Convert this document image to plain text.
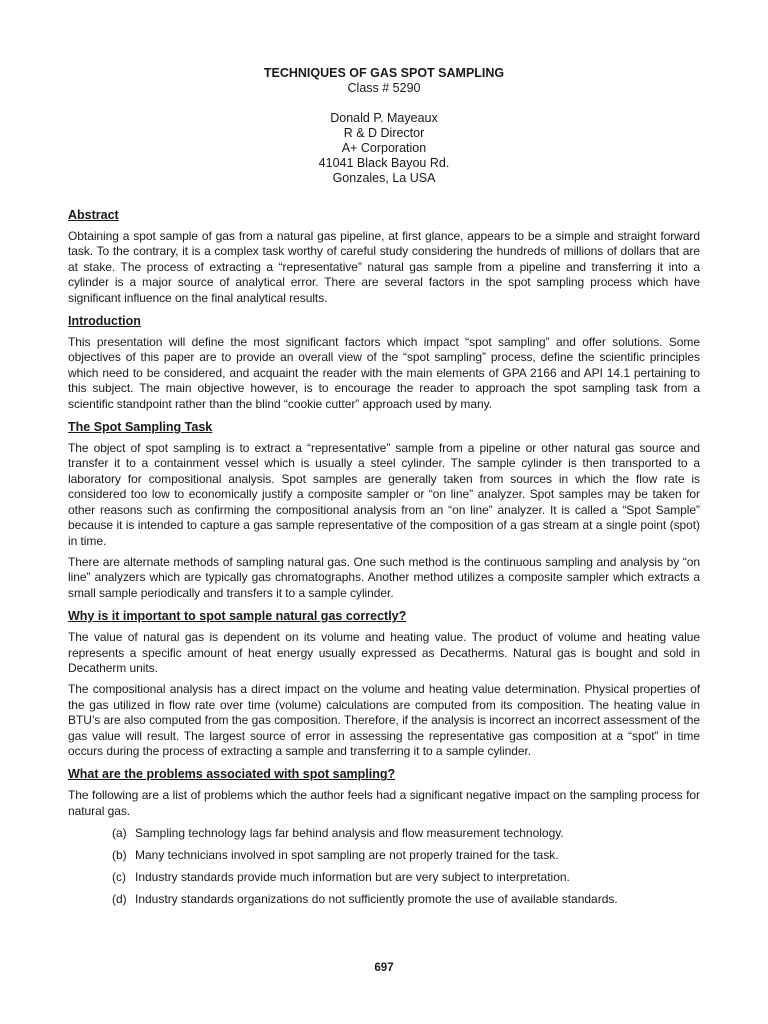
TECHNIQUES OF GAS SPOT SAMPLING
Class # 5290
Donald P. Mayeaux
R & D Director
A+ Corporation
41041 Black Bayou Rd.
Gonzales, La USA
Abstract

Obtaining a spot sample of gas from a natural gas pipeline, at first glance, appears to be a simple and straight forward task. To the contrary, it is a complex task worthy of careful study considering the hundreds of millions of dollars that are at stake. The process of extracting a “representative” natural gas sample from a pipeline and transferring it into a cylinder is a major source of analytical error. There are several factors in the spot sampling process which have significant influence on the final analytical results.

Introduction

This presentation will define the most significant factors which impact “spot sampling” and offer solutions. Some objectives of this paper are to provide an overall view of the “spot sampling” process, define the scientific principles which need to be considered, and acquaint the reader with the main elements of GPA 2166 and API 14.1 pertaining to this subject. The main objective however, is to encourage the reader to approach the spot sampling task from a scientific standpoint rather than the blind “cookie cutter” approach used by many.

The Spot Sampling Task

The object of spot sampling is to extract a “representative” sample from a pipeline or other natural gas source and transfer it to a containment vessel which is usually a steel cylinder. The sample cylinder is then transported to a laboratory for compositional analysis. Spot samples are generally taken from sources in which the flow rate is considered too low to economically justify a composite sampler or “on line” analyzer. Spot samples may be taken for other reasons such as confirming the compositional analysis from an “on line” analyzer. It is called a “Spot Sample” because it is intended to capture a gas sample representative of the composition of a gas stream at a single point (spot) in time.

There are alternate methods of sampling natural gas. One such method is the continuous sampling and analysis by “on line” analyzers which are typically gas chromatographs. Another method utilizes a composite sampler which extracts a small sample periodically and transfers it to a sample cylinder.

Why is it important to spot sample natural gas correctly?

The value of natural gas is dependent on its volume and heating value. The product of volume and heating value represents a specific amount of heat energy usually expressed as Decatherms. Natural gas is bought and sold in Decatherm units.

The compositional analysis has a direct impact on the volume and heating value determination. Physical properties of the gas utilized in flow rate over time (volume) calculations are computed from its composition. The heating value in BTU’s are also computed from the gas composition. Therefore, if the analysis is incorrect an incorrect assessment of the gas value will result. The largest source of error in assessing the representative gas composition at a “spot” in time occurs during the process of extracting a sample and transferring it to a sample cylinder.

What are the problems associated with spot sampling?

The following are a list of problems which the author feels had a significant negative impact on the sampling process for natural gas.

(a) Sampling technology lags far behind analysis and flow measurement technology.
(b) Many technicians involved in spot sampling are not properly trained for the task.
(c) Industry standards provide much information but are very subject to interpretation.
(d) Industry standards organizations do not sufficiently promote the use of available standards.
697
